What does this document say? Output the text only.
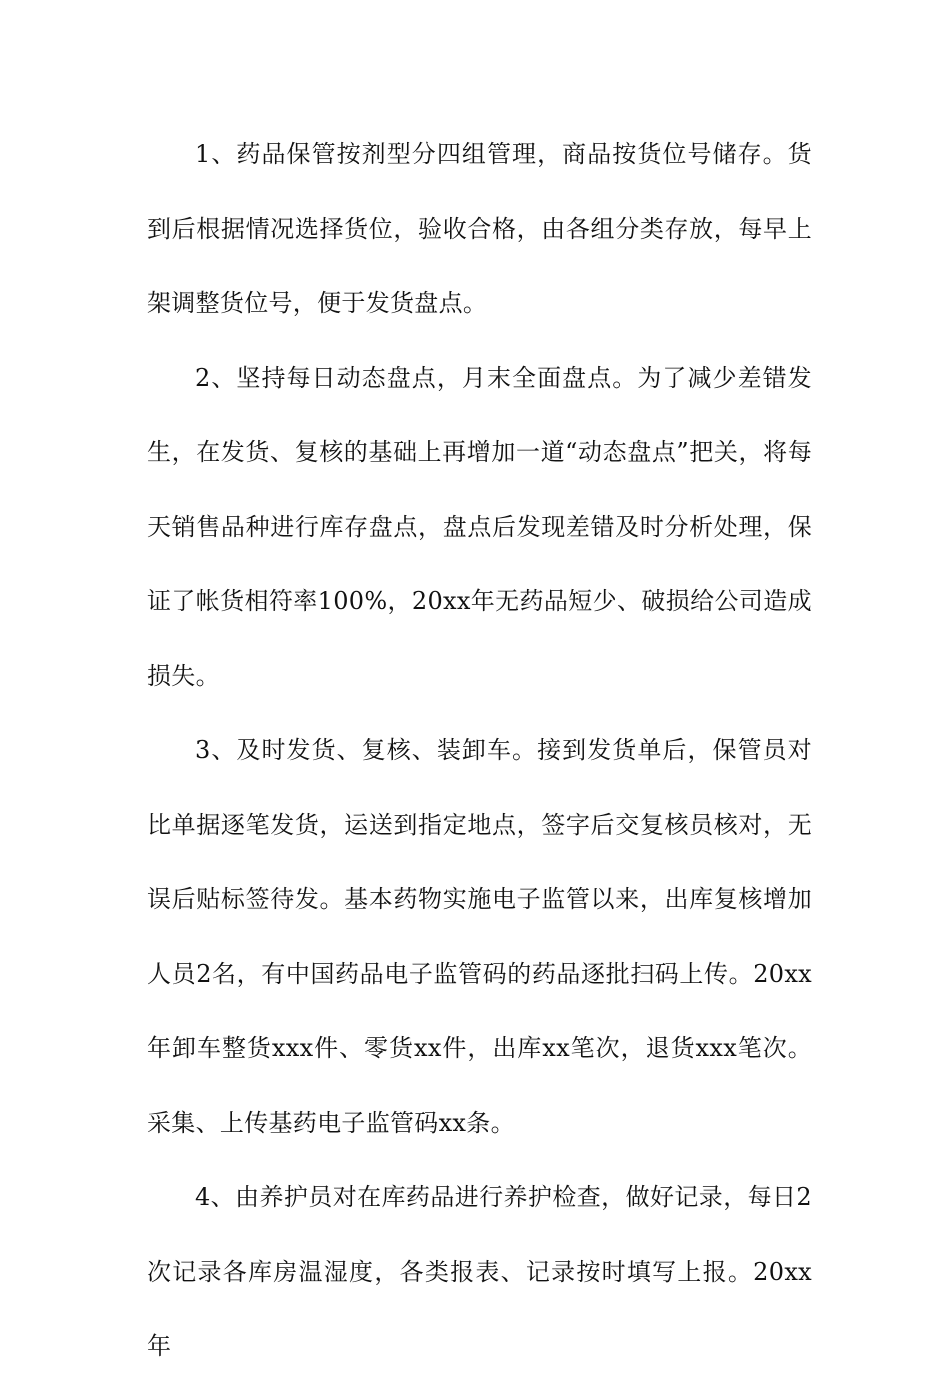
1、药品保管按剂型分四组管理，商品按货位号储存。货到后根据情况选择货位，验收合格，由各组分类存放，每早上架调整货位号，便于发货盘点。

2、坚持每日动态盘点，月末全面盘点。为了减少差错发生，在发货、复核的基础上再增加一道“动态盘点”把关，将每天销售品种进行库存盘点，盘点后发现差错及时分析处理，保证了帐货相符率100%，20xx年无药品短少、破损给公司造成损失。

3、及时发货、复核、装卸车。接到发货单后，保管员对比单据逐笔发货，运送到指定地点，签字后交复核员核对，无误后贴标签待发。基本药物实施电子监管以来，出库复核增加人员2名，有中国药品电子监管码的药品逐批扫码上传。20xx年卸车整货xxx件、零货xx件，出库xx笔次，退货xxx笔次。采集、上传基药电子监管码xx条。

4、由养护员对在库药品进行养护检查，做好记录，每日2次记录各库房温湿度，各类报表、记录按时填写上报。20xx年
